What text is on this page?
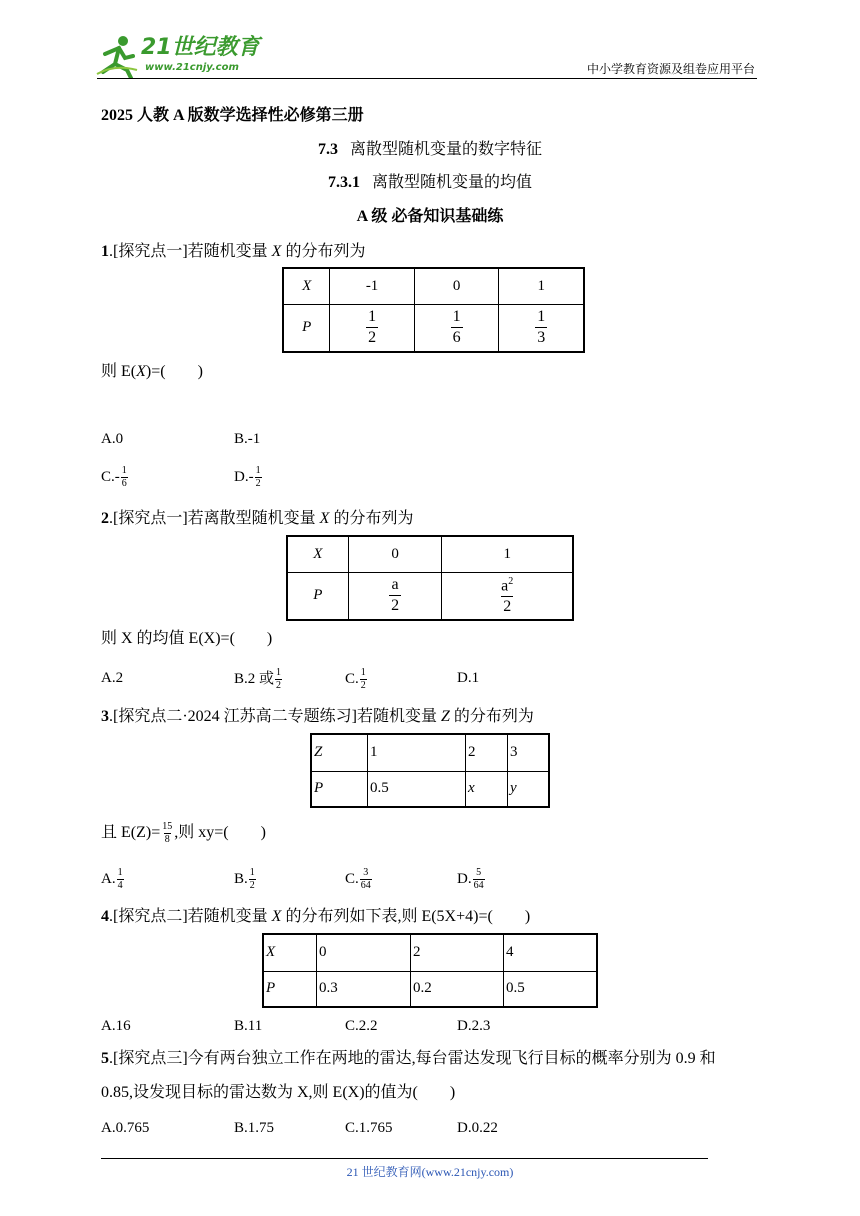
21世纪教育
www.21cnjy.com	中小学教育资源及组卷应用平台
2025 人教 A 版数学选择性必修第三册
7.3 离散型随机变量的数字特征
7.3.1 离散型随机变量的均值
A 级 必备知识基础练
1.[探究点一]若随机变量 X 的分布列为
X	-1	0	1
P	$\frac{1}{2}$	$\frac{1}{6}$	$\frac{1}{3}$
则 E(X)=(　　)
A.0	B.-1
$C.- \frac{1}{6}$	$D.- \frac{1}{2}$
2.[探究点一]若离散型随机变量 X 的分布列为
X	0	1
P	$\frac{a}{2}$	$\frac{a^2}{2}$
则 X 的均值 E(X)=(　　)
A.2	B.2 或 $\frac{1}{2}$	C. $\frac{1}{2}$	D.1
3.[探究点二·2024 江苏高二专题练习]若随机变量 Z 的分布列为
Z	1	2	3
P	0.5	x	y
且 $E(Z)= \frac{15}{8}$ ,则 xy=(　　)
A. $\frac{1}{4}$	B. $\frac{1}{2}$	C. $\frac{3}{64}$	D. $\frac{5}{64}$
4.[探究点二]若随机变量 X 的分布列如下表,则 E(5X+4)=(　　)
X	0	2	4
P	0.3	0.2	0.5
A.16	B.11	C.2.2	D.2.3
5.[探究点三]今有两台独立工作在两地的雷达,每台雷达发现飞行目标的概率分别为 0.9 和
0.85,设发现目标的雷达数为 X,则 E(X)的值为(　　)
A.0.765	B.1.75	C.1.765	D.0.22
21 世纪教育网(www.21cnjy.com)
